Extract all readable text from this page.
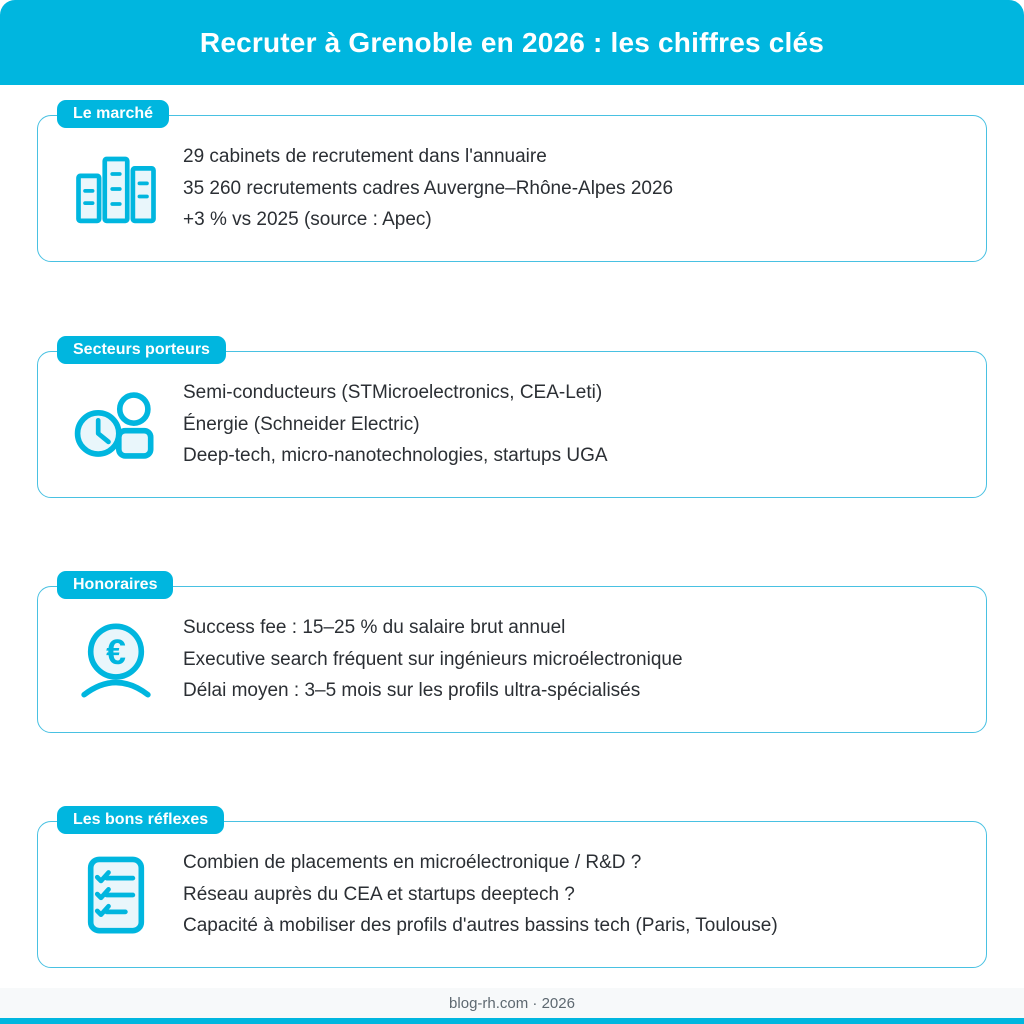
Recruter à Grenoble en 2026 : les chiffres clés
Le marché

29 cabinets de recrutement dans l'annuaire

35 260 recrutements cadres Auvergne–Rhône-Alpes 2026

+3 % vs 2025 (source : Apec)

Secteurs porteurs

Semi-conducteurs (STMicroelectronics, CEA-Leti)

Énergie (Schneider Electric)

Deep-tech, micro-nanotechnologies, startups UGA

Honoraires
€

Success fee : 15–25 % du salaire brut annuel

Executive search fréquent sur ingénieurs microélectronique

Délai moyen : 3–5 mois sur les profils ultra-spécialisés

Les bons réflexes

Combien de placements en microélectronique / R&D ?

Réseau auprès du CEA et startups deeptech ?

Capacité à mobiliser des profils d'autres bassins tech (Paris, Toulouse)

blog-rh.com · 2026
